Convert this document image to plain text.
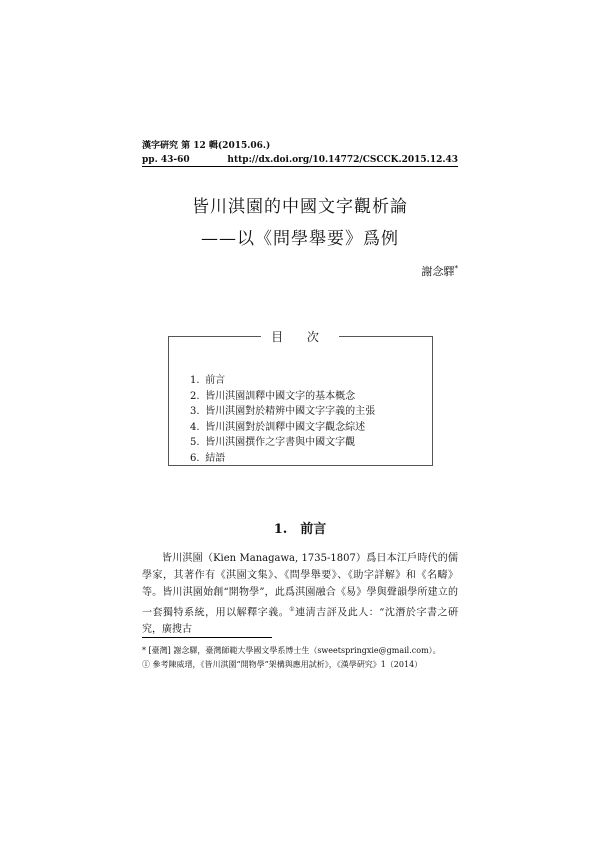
漢字硏究 第 12 輯(2015.06.)
pp. 43-60	http://dx.doi.org/10.14772/CSCCK.2015.12.43
皆川淇園的中國文字觀析論
——以《問學舉要》爲例
謝念驛*
目 次
1. 前言
2. 皆川淇園訓釋中國文字的基本概念
3. 皆川淇園對於精辨中國文字字義的主張
4. 皆川淇園對於訓釋中國文字觀念綜述
5. 皆川淇園撰作之字書與中國文字觀
6. 結語
1.　前言

皆川淇園（Kien Managawa, 1735-1807）爲日本江戶時代的儒學家，其著作有《淇園文集》、《問學舉要》、《助字詳解》和《名疇》等。皆川淇園始創“開物學”，此爲淇園融合《易》學與聲韻學所建立的一套獨特系統，用以解釋字義。①連淸吉評及此人：“沈潛於字書之硏究，廣搜古

* [臺灣] 謝念驛，臺灣師範大學國文學系博士生（sweetspringxie@gmail.com）。
① 參考陳威瑨，《皆川淇園“開物學”架構與應用試析》，《漢學硏究》1（2014）
